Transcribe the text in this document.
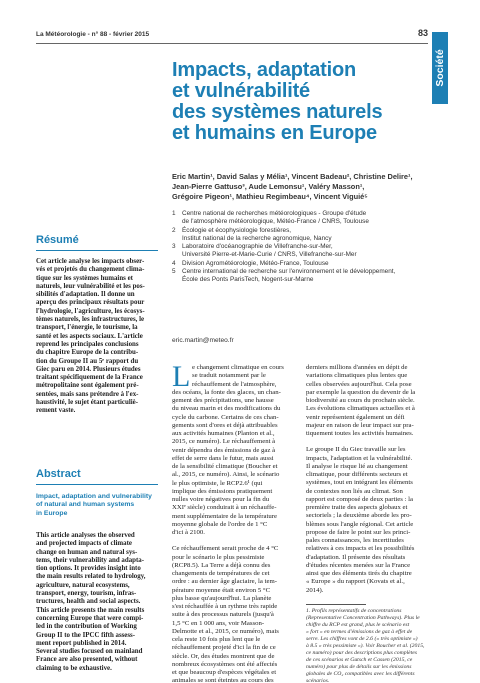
La Météorologie - n° 88 - février 2015	83
Société
Impacts, adaptation
et vulnérabilité
des systèmes naturels
et humains en Europe
Eric Martin¹, David Salas y Mélia¹, Vincent Badeau², Christine Delire¹,
Jean-Pierre Gattuso³, Aude Lemonsu¹, Valéry Masson¹,
Grégoire Pigeon¹, Mathieu Regimbeau⁴, Vincent Viguié⁵
1	Centre national de recherches météorologiques - Groupe d'étude
de l'atmosphère météorologique, Météo-France / CNRS, Toulouse
2	Écologie et écophysiologie forestières,
Institut national de la recherche agronomique, Nancy
3	Laboratoire d'océanographie de Villefranche-sur-Mer,
Université Pierre-et-Marie-Curie / CNRS, Villefranche-sur-Mer
4	Division Agrométéorologie, Météo-France, Toulouse
5	Centre international de recherche sur l'environnement et le développement,
École des Ponts ParisTech, Nogent-sur-Marne
eric.martin@meteo.fr
Résumé
Cet article analyse les impacts obser-
vés et projetés du changement clima-
tique sur les systèmes humains et
naturels, leur vulnérabilité et les pos-
sibilités d'adaptation. Il donne un
aperçu des principaux résultats pour
l'hydrologie, l'agriculture, les écosys-
tèmes naturels, les infrastructures, le
transport, l'énergie, le tourisme, la
santé et les aspects sociaux. L'article
reprend les principales conclusions
du chapitre Europe de la contribu-
tion du Groupe II au 5ᵉ rapport du
Giec paru en 2014. Plusieurs études
traitant spécifiquement de la France
métropolitaine sont également pré-
sentées, mais sans prétendre à l'ex-
haustivité, le sujet étant particuliè-
rement vaste.
Abstract
Impact, adaptation and vulnerability
of natural and human systems
in Europe
This article analyses the observed
and projected impacts of climate
change on human and natural sys-
tems, their vulnerability and adapta-
tion options. It provides insight into
the main results related to hydrology,
agriculture, natural ecosystems,
transport, energy, tourism, infras-
tructures, health and social aspects.
This article presents the main results
concerning Europe that were compi-
led in the contribution of Working
Group II to the IPCC fifth assess-
ment report published in 2014.
Several studies focused on mainland
France are also presented, without
claiming to be exhaustive.
L e changement climatique en cours
se traduit notamment par le
réchauffement de l'atmosphère,
des océans, la fonte des glaces, un chan-
gement des précipitations, une hausse
du niveau marin et des modifications du
cycle du carbone. Certains de ces chan-
gements sont d'ores et déjà attribuables
aux activités humaines (Planton et al.,
2015, ce numéro). Le réchauffement à
venir dépendra des émissions de gaz à
effet de serre dans le futur, mais aussi
de la sensibilité climatique (Boucher et
al., 2015, ce numéro). Ainsi, le scénario
le plus optimiste, le RCP2.6¹ (qui
implique des émissions pratiquement
nulles voire négatives pour la fin du
XXIᵉ siècle) conduirait à un réchauffe-
ment supplémentaire de la température
moyenne globale de l'ordre de 1 °C
d'ici à 2100.
Ce réchauffement serait proche de 4 °C
pour le scénario le plus pessimiste
(RCP8.5). La Terre a déjà connu des
changements de températures de cet
ordre : au dernier âge glaciaire, la tem-
pérature moyenne était environ 5 °C
plus basse qu'aujourd'hui. La planète
s'est réchauffée à un rythme très rapide
suite à des processus naturels (jusqu'à
1,5 °C en 1 000 ans, voir Masson-
Delmotte et al., 2015, ce numéro), mais
cela reste 10 fois plus lent que le
réchauffement projeté d'ici la fin de ce
siècle. Or, des études montrent que de
nombreux écosystèmes ont été affectés
et que beaucoup d'espèces végétales et
animales se sont éteintes au cours des
derniers millions d'années en dépit de
variations climatiques plus lentes que
celles observées aujourd'hui. Cela pose
par exemple la question du devenir de la
biodiversité au cours du prochain siècle.
Les évolutions climatiques actuelles et à
venir représentent également un défi
majeur en raison de leur impact sur pra-
tiquement toutes les activités humaines.
Le groupe II du Giec travaille sur les
impacts, l'adaptation et la vulnérabilité.
Il analyse le risque lié au changement
climatique, pour différents secteurs et
systèmes, tout en intégrant les éléments
de contextes non liés au climat. Son
rapport est composé de deux parties : la
première traite des aspects globaux et
sectoriels ; la deuxième aborde les pro-
blèmes sous l'angle régional. Cet article
propose de faire le point sur les princi-
pales connaissances, les incertitudes
relatives à ces impacts et les possibilités
d'adaptation. Il présente des résultats
d'études récentes menées sur la France
ainsi que des éléments tirés du chapitre
« Europe » du rapport (Kovats et al.,
2014).
1. Profils représentatifs de concentrations
(Representative Concentration Pathways). Plus le
chiffre du RCP est grand, plus le scénario est
« fort » en termes d'émissions de gaz à effet de
serre. Les chiffres vont de 2.6 (« très optimiste »)
à 8.5 « très pessimiste »). Voir Boucher et al. (2015,
ce numéro) pour des descriptions plus complètes
de ces scénarios et Gutsch et Cassen (2015, ce
numéro) pour plus de détails sur les émissions
globales de CO₂ compatibles avec les différents
scénarios.
